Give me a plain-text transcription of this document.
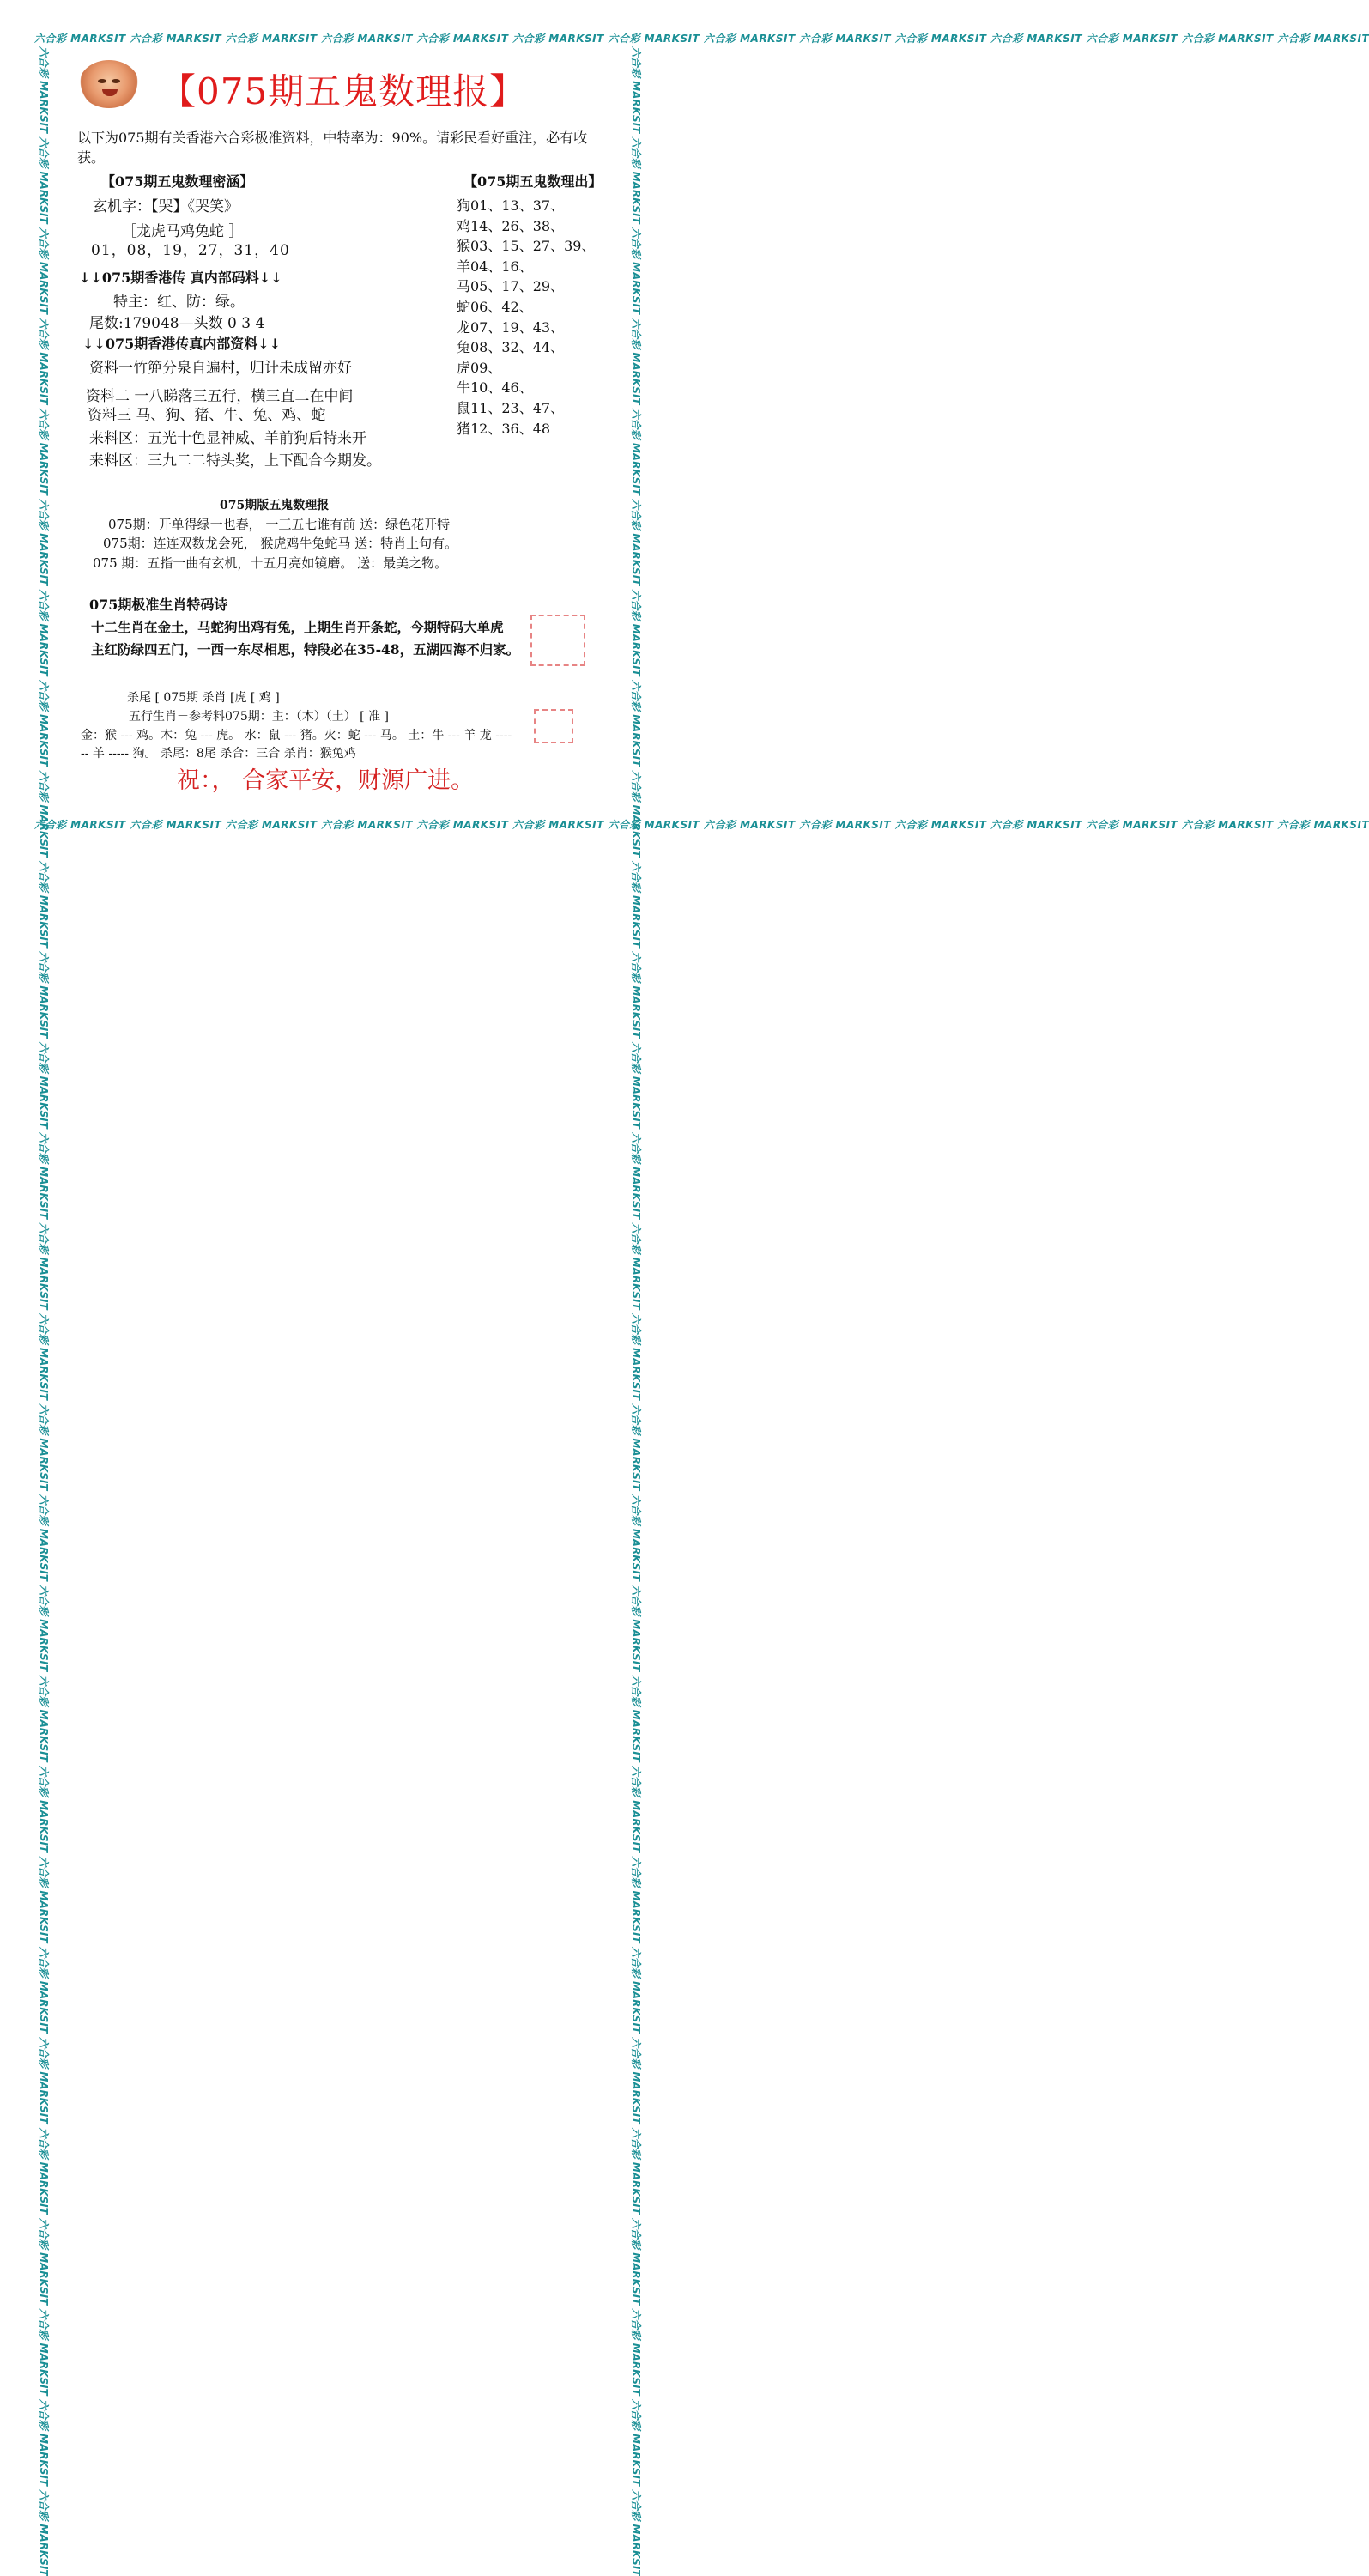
六合彩 MARKSIT 六合彩 MARKSIT 六合彩 MARKSIT 六合彩 MARKSIT 六合彩 MARKSIT 六合彩 MARKSIT 六合彩 MARKSIT 六合彩 MARKSIT 六合彩 MARKSIT 六合彩 MARKSIT 六合彩 MARKSIT 六合彩 MARKSIT 六合彩 MARKSIT 六合彩 MARKSIT
六合彩 MARKSIT 六合彩 MARKSIT 六合彩 MARKSIT 六合彩 MARKSIT 六合彩 MARKSIT 六合彩 MARKSIT 六合彩 MARKSIT 六合彩 MARKSIT 六合彩 MARKSIT 六合彩 MARKSIT 六合彩 MARKSIT 六合彩 MARKSIT 六合彩 MARKSIT 六合彩 MARKSIT
六合彩 MARKSIT 六合彩 MARKSIT 六合彩 MARKSIT 六合彩 MARKSIT 六合彩 MARKSIT 六合彩 MARKSIT 六合彩 MARKSIT 六合彩 MARKSIT 六合彩 MARKSIT 六合彩 MARKSIT 六合彩 MARKSIT 六合彩 MARKSIT 六合彩 MARKSIT 六合彩 MARKSIT 六合彩 MARKSIT 六合彩 MARKSIT 六合彩 MARKSIT 六合彩 MARKSIT 六合彩 MARKSIT 六合彩 MARKSIT 六合彩 MARKSIT 六合彩 MARKSIT 六合彩 MARKSIT 六合彩 MARKSIT 六合彩 MARKSIT 六合彩 MARKSIT 六合彩 MARKSIT 六合彩 MARKSIT	六合彩 MARKSIT 六合彩 MARKSIT 六合彩 MARKSIT 六合彩 MARKSIT 六合彩 MARKSIT 六合彩 MARKSIT 六合彩 MARKSIT 六合彩 MARKSIT 六合彩 MARKSIT 六合彩 MARKSIT 六合彩 MARKSIT 六合彩 MARKSIT 六合彩 MARKSIT 六合彩 MARKSIT 六合彩 MARKSIT 六合彩 MARKSIT 六合彩 MARKSIT 六合彩 MARKSIT 六合彩 MARKSIT 六合彩 MARKSIT 六合彩 MARKSIT 六合彩 MARKSIT 六合彩 MARKSIT 六合彩 MARKSIT 六合彩 MARKSIT 六合彩 MARKSIT 六合彩 MARKSIT 六合彩 MARKSIT
【075期五鬼数理报】
以下为075期有关香港六合彩极准资料，中特率为：90%。请彩民看好重注，必有收
获。
【075期五鬼数理密涵】
玄机字：【哭】《哭笑》
［龙虎马鸡兔蛇 ］
01，08，19，27，31，40
↓↓075期香港传 真内部码料↓↓
特主：红、防：绿。
尾数:179048—头数 0 3 4
↓↓075期香港传真内部资料↓↓
资料一竹篼分泉自遍村，归计未成留亦好
资料二 一八睇落三五行，横三直二在中间
资料三 马、狗、猪、牛、兔、鸡、蛇
来料区：五光十色显神威、羊前狗后特来开
来料区：三九二二特头奖，上下配合今期发。
【075期五鬼数理出】
狗01、13、37、
鸡14、26、38、
猴03、15、27、39、
羊04、16、
马05、17、29、
蛇06、42、
龙07、19、43、
兔08、32、44、
虎09、
牛10、46、
鼠11、23、47、
猪12、36、48
075期版五鬼数理报
075期：开单得绿一也春， 一三五七谁有前 送：绿色花开特
075期：连连双数龙会死， 猴虎鸡牛兔蛇马 送：特肖上句有。
075 期：五指一曲有玄机，十五月亮如镜磨。 送：最美之物。
075期极准生肖特码诗
十二生肖在金土，马蛇狗出鸡有兔，上期生肖开条蛇，今期特码大单虎
主红防绿四五门，一西一东尽相思，特段必在35-48，五湖四海不归家。
杀尾 [ 075期 杀肖 [虎 [ 鸡 ]
五行生肖－参考料075期：主：（木）（土） [ 准 ]
金：猴 --- 鸡。木：兔 --- 虎。 水：鼠 --- 猪。火：蛇 --- 马。 土：牛 --- 羊 龙 ----
-- 羊 ----- 狗。 杀尾：8尾 杀合：三合 杀肖：猴兔鸡
祝：， 合家平安，财源广进。
